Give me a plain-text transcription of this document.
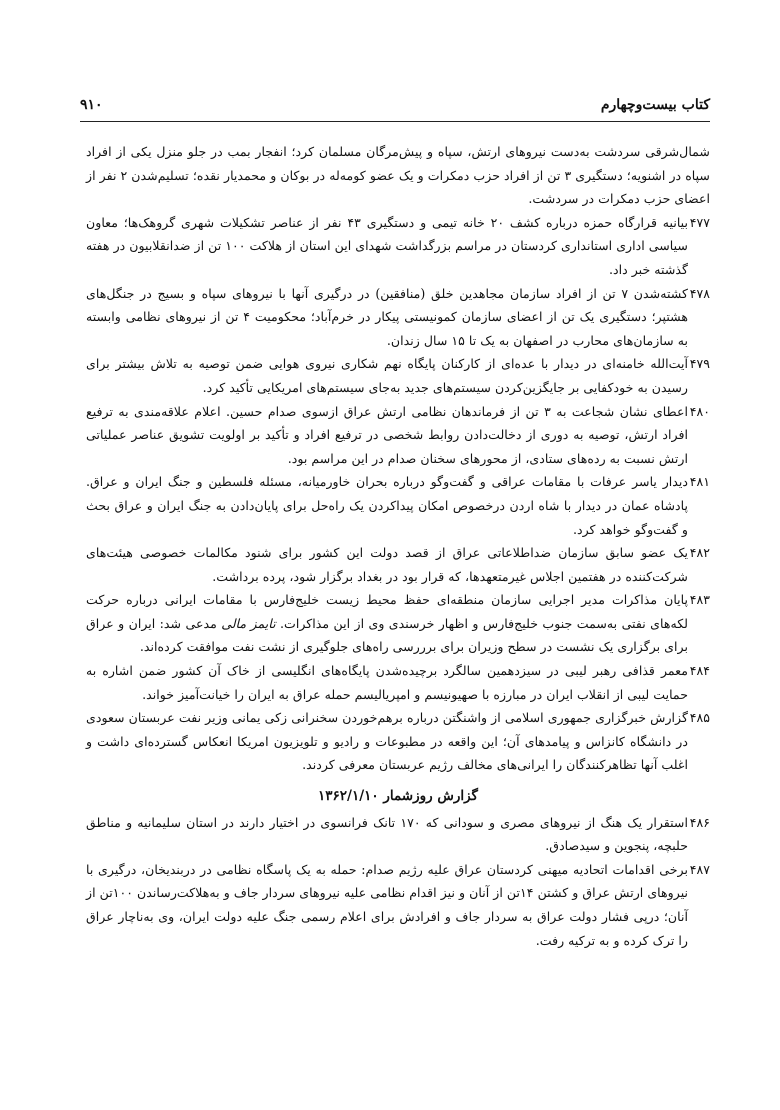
کتاب بیست‌وچهارم
۹۱۰

شمال‌شرقی سردشت به‌دست نیروهای ارتش، سپاه و پیش‌مرگان مسلمان کرد؛ انفجار بمب در جلو منزل یکی از افراد سپاه در اشنویه؛ دستگیری ۳ تن از افراد حزب دمکرات و یک عضو کومه‌له در بوکان و محمدیار نقده؛ تسلیم‌شدن ۲ نفر از اعضای حزب دمکرات در سردشت.

۴۷۷
بیانیه قرارگاه حمزه درباره کشف ۲۰ خانه تیمی و دستگیری ۴۳ نفر از عناصر تشکیلات شهری گروهک‌ها؛ معاون سیاسی اداری استانداری کردستان در مراسم بزرگداشت شهدای این استان از هلاکت ۱۰۰ تن از ضدانقلابیون در هفته گذشته خبر داد.
۴۷۸
کشته‌شدن ۷ تن از افراد سازمان مجاهدین خلق (منافقین) در درگیری آنها با نیروهای سپاه و بسیج در جنگل‌های هشتپر؛ دستگیری یک تن از اعضای سازمان کمونیستی پیکار در خرم‌آباد؛ محکومیت ۴ تن از نیروهای نظامی وابسته به سازمان‌های محارب در اصفهان به یک تا ۱۵ سال زندان.
۴۷۹
آیت‌الله خامنه‌ای در دیدار با عده‌ای از کارکنان پایگاه نهم شکاری نیروی هوایی ضمن توصیه به تلاش بیشتر برای رسیدن به خودکفایی بر جایگزین‌کردن سیستم‌های جدید به‌جای سیستم‌های امریکایی تأکید کرد.
۴۸۰
اعطای نشان شجاعت به ۳ تن از فرماندهان نظامی ارتش عراق ازسوی صدام حسین. اعلام علاقه‌مندی به ترفیع افراد ارتش، توصیه به دوری از دخالت‌دادن روابط شخصی در ترفیع افراد و تأکید بر اولویت تشویق عناصر عملیاتی ارتش نسبت به رده‌های ستادی، از محورهای سخنان صدام در این مراسم بود.
۴۸۱
دیدار یاسر عرفات با مقامات عراقی و گفت‌وگو درباره بحران خاورمیانه، مسئله فلسطین و جنگ ایران و عراق. پادشاه عمان در دیدار با شاه اردن درخصوص امکان پیداکردن یک راه‌حل برای پایان‌دادن به جنگ ایران و عراق بحث و گفت‌وگو خواهد کرد.
۴۸۲
یک عضو سابق سازمان ضداطلاعاتی عراق از قصد دولت این کشور برای شنود مکالمات خصوصی هیئت‌های شرکت‌کننده در هفتمین اجلاس غیرمتعهدها، که قرار بود در بغداد برگزار شود، پرده برداشت.
۴۸۳
پایان مذاکرات مدیر اجرایی سازمان منطقه‌ای حفظ محیط زیست خلیج‌فارس با مقامات ایرانی درباره حرکت لکه‌های نفتی به‌سمت جنوب خلیج‌فارس و اظهار خرسندی وی از این مذاکرات. تایمز مالی مدعی شد: ایران و عراق برای برگزاری یک نشست در سطح وزیران برای برررسی راه‌های جلوگیری از نشت نفت موافقت کرده‌اند.
۴۸۴
معمر قذافی رهبر لیبی در سیزدهمین سالگرد برچیده‌شدن پایگاه‌های انگلیسی از خاک آن کشور ضمن اشاره به حمایت لیبی از انقلاب ایران در مبارزه با صهیونیسم و امپریالیسم حمله عراق به ایران را خیانت‌آمیز خواند.
۴۸۵
گزارش خبرگزاری جمهوری اسلامی از واشنگتن درباره برهم‌خوردن سخنرانی زکی یمانی وزیر نفت عربستان سعودی در دانشگاه کانزاس و پیامدهای آن؛ این واقعه در مطبوعات و رادیو و تلویزیون امریکا انعکاس گسترده‌ای داشت و اغلب آنها تظاهرکنندگان را ایرانی‌های مخالف رژیم عربستان معرفی کردند.
گزارش روزشمار ۱۳۶۲/۱/۱۰
۴۸۶
استقرار یک هنگ از نیروهای مصری و سودانی که ۱۷۰ تانک فرانسوی در اختیار دارند در استان سلیمانیه و مناطق حلبچه، پنجوین و سیدصادق.
۴۸۷
برخی اقدامات اتحادیه میهنی کردستان عراق علیه رژیم صدام: حمله به یک پاسگاه نظامی در دربندیخان، درگیری با نیروهای ارتش عراق و کشتن ۱۴تن از آنان و نیز اقدام نظامی علیه نیروهای سردار جاف و به‌هلاکت‌رساندن ۱۰۰تن از آنان؛ درپی فشار دولت عراق به سردار جاف و افرادش برای اعلام رسمی جنگ علیه دولت ایران، وی به‌ناچار عراق را ترک کرده و به ترکیه رفت.
